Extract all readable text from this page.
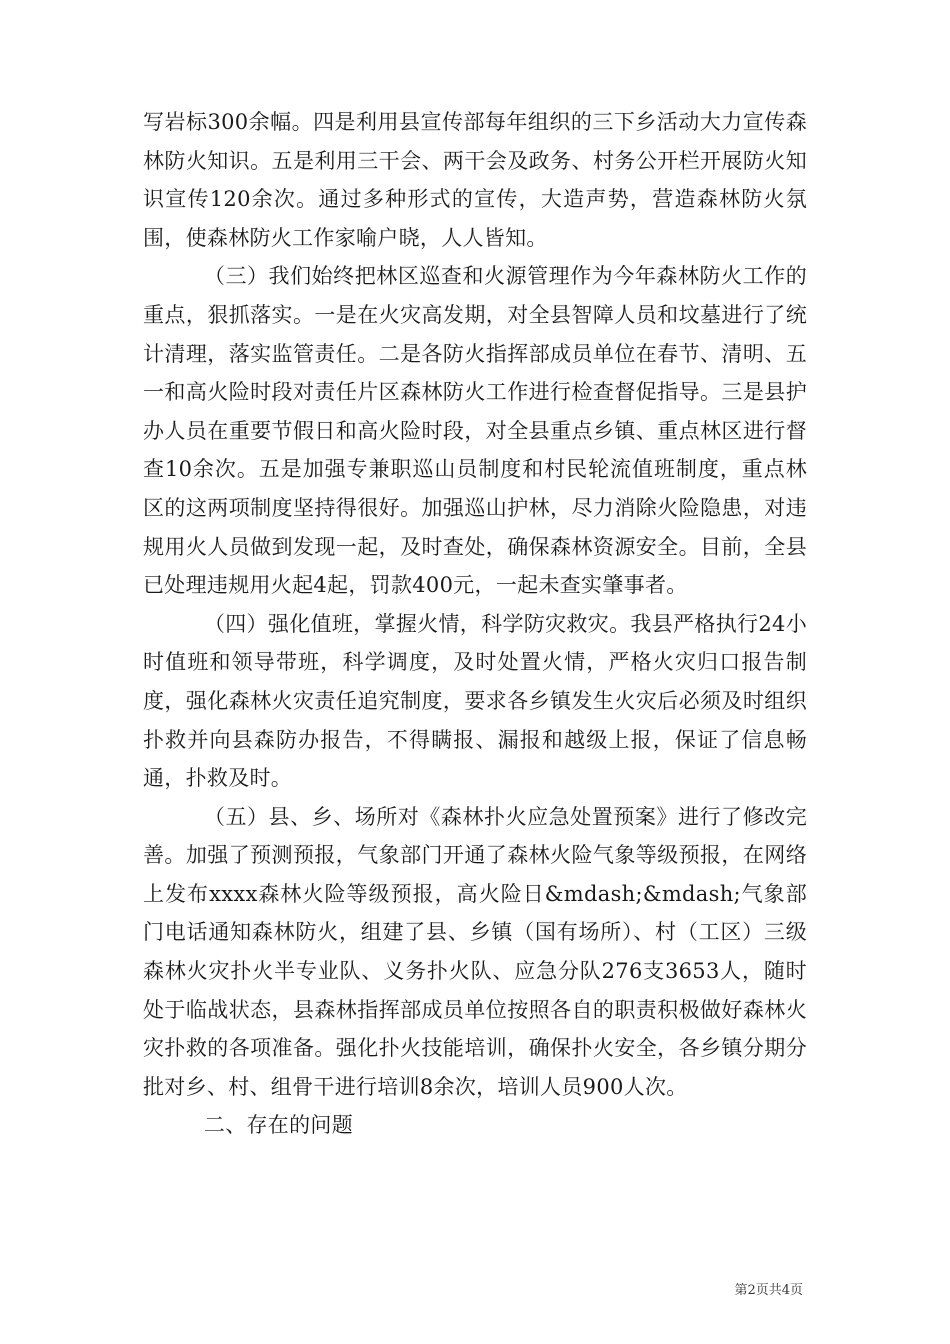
写岩标300余幅。四是利用县宣传部每年组织的三下乡活动大力宣传森林防火知识。五是利用三干会、两干会及政务、村务公开栏开展防火知识宣传120余次。通过多种形式的宣传，大造声势，营造森林防火氛围，使森林防火工作家喻户晓，人人皆知。

（三）我们始终把林区巡查和火源管理作为今年森林防火工作的重点，狠抓落实。一是在火灾高发期，对全县智障人员和坟墓进行了统计清理，落实监管责任。二是各防火指挥部成员单位在春节、清明、五一和高火险时段对责任片区森林防火工作进行检查督促指导。三是县护办人员在重要节假日和高火险时段，对全县重点乡镇、重点林区进行督查10余次。五是加强专兼职巡山员制度和村民轮流值班制度，重点林区的这两项制度坚持得很好。加强巡山护林，尽力消除火险隐患，对违规用火人员做到发现一起，及时查处，确保森林资源安全。目前，全县已处理违规用火起4起，罚款400元，一起未查实肇事者。

（四）强化值班，掌握火情，科学防灾救灾。我县严格执行24小时值班和领导带班，科学调度，及时处置火情，严格火灾归口报告制度，强化森林火灾责任追究制度，要求各乡镇发生火灾后必须及时组织扑救并向县森防办报告，不得瞒报、漏报和越级上报，保证了信息畅通，扑救及时。

（五）县、乡、场所对《森林扑火应急处置预案》进行了修改完善。加强了预测预报，气象部门开通了森林火险气象等级预报，在网络上发布xxxx森林火险等级预报，高火险日&mdash;&mdash;气象部门电话通知森林防火，组建了县、乡镇（国有场所）、村（工区）三级森林火灾扑火半专业队、义务扑火队、应急分队276支3653人，随时处于临战状态，县森林指挥部成员单位按照各自的职责积极做好森林火灾扑救的各项准备。强化扑火技能培训，确保扑火安全，各乡镇分期分批对乡、村、组骨干进行培训8余次，培训人员900人次。

二、存在的问题

第2页共4页
